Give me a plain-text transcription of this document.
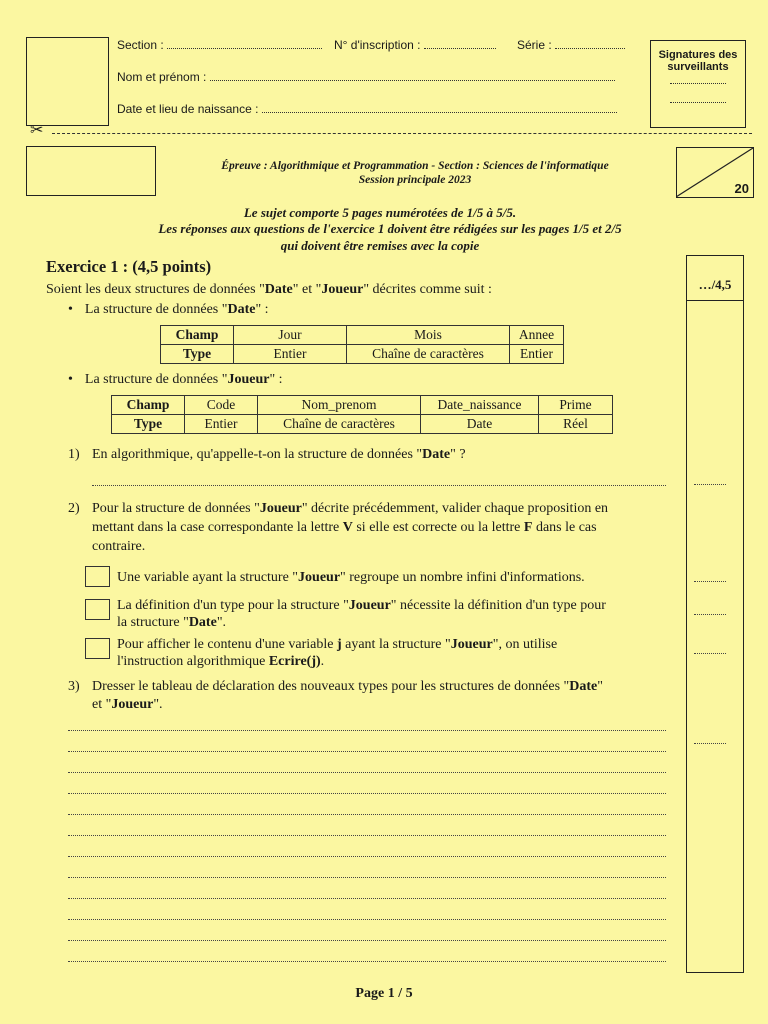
Section :	N° d'inscription :	Série :
Nom et prénom :
Date et lieu de naissance :
Signatures des surveillants
✂
Épreuve : Algorithmique et Programmation - Section : Sciences de l'informatique
Session principale 2023
20
Le sujet comporte 5 pages numérotées de 1/5 à 5/5.
Les réponses aux questions de l'exercice 1 doivent être rédigées sur les pages 1/5 et 2/5
qui doivent être remises avec la copie
…/4,5
Exercice 1 : (4,5 points)
Soient les deux structures de données "Date" et "Joueur" décrites comme suit :
• La structure de données "Date" :
Champ	Jour	Mois	Annee
Type	Entier	Chaîne de caractères	Entier
• La structure de données "Joueur" :
Champ	Code	Nom_prenom	Date_naissance	Prime
Type	Entier	Chaîne de caractères	Date	Réel
1) En algorithmique, qu'appelle-t-on la structure de données "Date" ?
2) Pour la structure de données "Joueur" décrite précédemment, valider chaque proposition en
mettant dans la case correspondante la lettre V si elle est correcte ou la lettre F dans le cas
contraire.
Une variable ayant la structure "Joueur" regroupe un nombre infini d'informations.
La définition d'un type pour la structure "Joueur" nécessite la définition d'un type pour
la structure "Date".
Pour afficher le contenu d'une variable j ayant la structure "Joueur", on utilise
l'instruction algorithmique Ecrire(j).
3) Dresser le tableau de déclaration des nouveaux types pour les structures de données "Date"
et "Joueur".
Page 1 / 5
